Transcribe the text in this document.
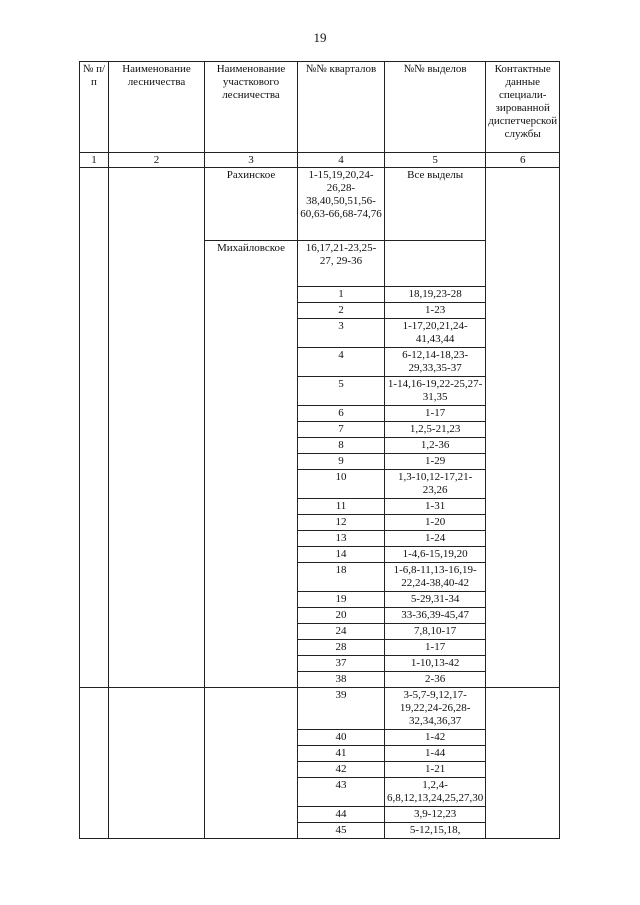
19
№ п/п	Наименование лесничества	Наименование участкового лесничества	№№ кварталов	№№ выделов	Контактные данные специали-зированной диспетчерской службы
1	2	3	4	5	6
		Рахинское	1-15,19,20,24-26,28-38,40,50,51,56-60,63-66,68-74,76	Все выделы	
		Михайловское	16,17,21-23,25-27, 29-36		
			1	18,19,23-28	
			2	1-23	
			3	1-17,20,21,24-41,43,44	
			4	6-12,14-18,23-29,33,35-37	
			5	1-14,16-19,22-25,27-31,35	
			6	1-17	
			7	1,2,5-21,23	
			8	1,2-36	
			9	1-29	
			10	1,3-10,12-17,21-23,26	
			11	1-31	
			12	1-20	
			13	1-24	
			14	1-4,6-15,19,20	
			18	1-6,8-11,13-16,19-22,24-38,40-42	
			19	5-29,31-34	
			20	33-36,39-45,47	
			24	7,8,10-17	
			28	1-17	
			37	1-10,13-42	
			38	2-36	
			39	3-5,7-9,12,17-19,22,24-26,28-32,34,36,37	
			40	1-42	
			41	1-44	
			42	1-21	
			43	1,2,4-6,8,12,13,24,25,27,30	
			44	3,9-12,23	
			45	5-12,15,18,	
